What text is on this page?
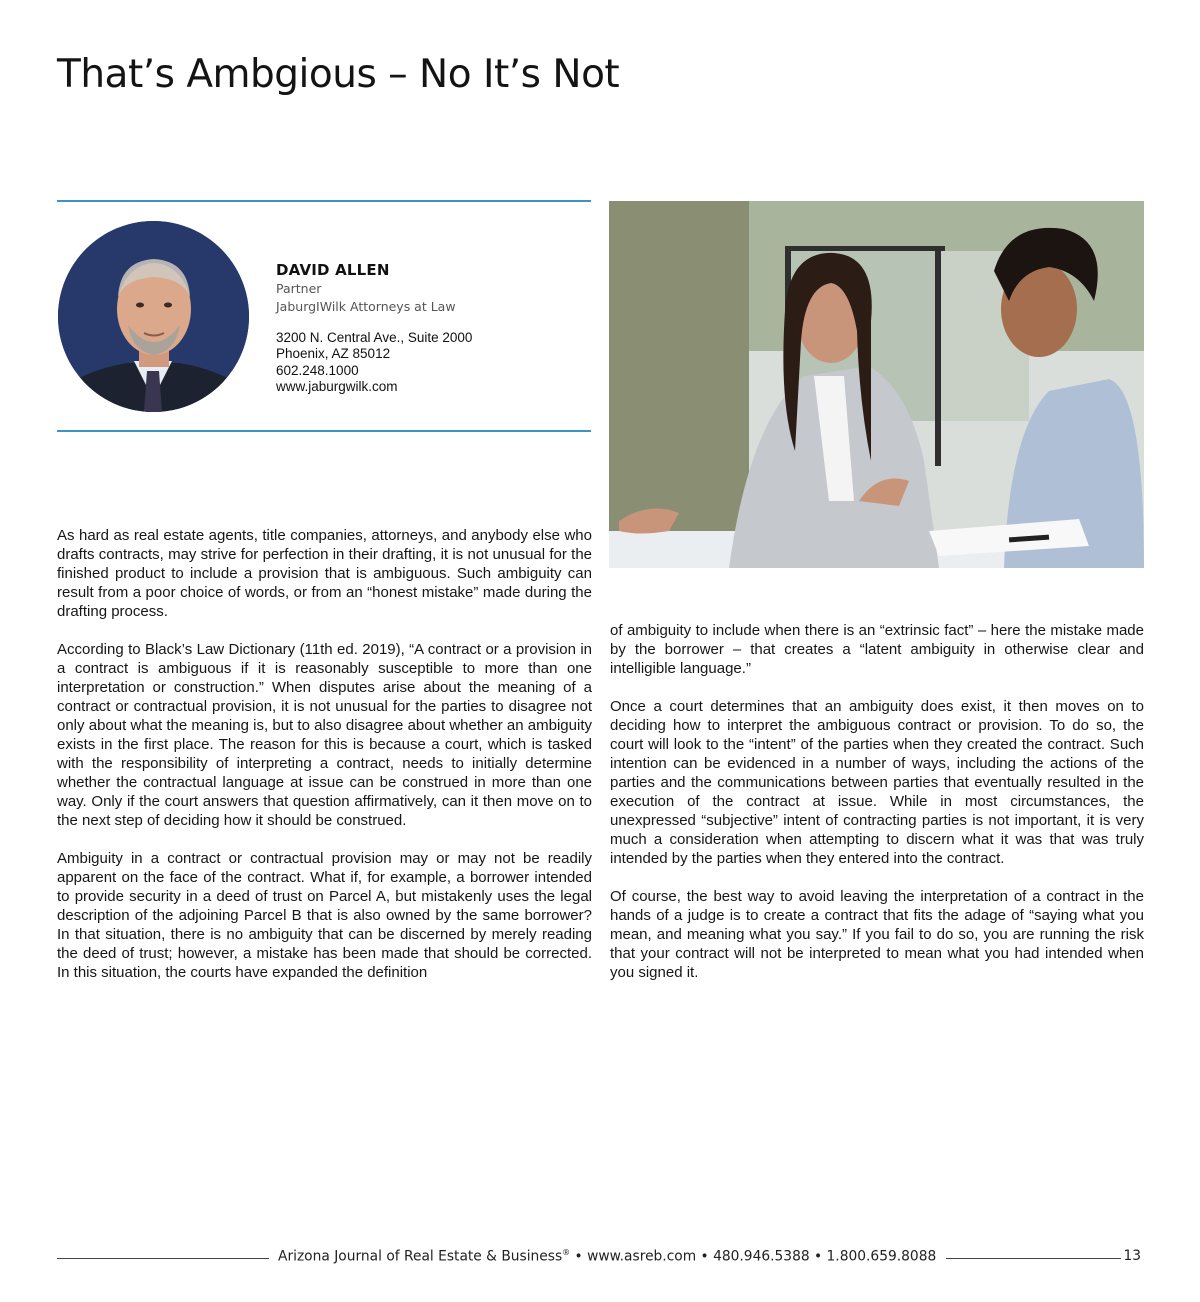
That’s Ambgious – No It’s Not
DAVID ALLEN
Partner
JaburgIWilk Attorneys at Law
3200 N. Central Ave., Suite 2000
Phoenix, AZ 85012
602.248.1000
www.jaburgwilk.com

As hard as real estate agents, title companies, attorneys, and anybody else who drafts contracts, may strive for perfection in their drafting, it is not unusual for the finished product to include a provision that is ambiguous. Such ambiguity can result from a poor choice of words, or from an “honest mistake” made during the drafting process.

According to Black’s Law Dictionary (11th ed. 2019), “A contract or a provision in a contract is ambiguous if it is reasonably susceptible to more than one interpretation or construction.” When disputes arise about the meaning of a contract or contractual provision, it is not unusual for the parties to disagree not only about what the meaning is, but to also disagree about whether an ambiguity exists in the first place. The reason for this is because a court, which is tasked with the responsibility of interpreting a contract, needs to initially determine whether the contractual language at issue can be construed in more than one way. Only if the court answers that question affirmatively, can it then move on to the next step of deciding how it should be construed.

Ambiguity in a contract or contractual provision may or may not be readily apparent on the face of the contract. What if, for example, a borrower intended to provide security in a deed of trust on Parcel A, but mistakenly uses the legal description of the adjoining Parcel B that is also owned by the same borrower? In that situation, there is no ambiguity that can be discerned by merely reading the deed of trust; however, a mistake has been made that should be corrected. In this situation, the courts have expanded the definition

of ambiguity to include when there is an “extrinsic fact” – here the mistake made by the borrower – that creates a “latent ambiguity in otherwise clear and intelligible language.”

Once a court determines that an ambiguity does exist, it then moves on to deciding how to interpret the ambiguous contract or provision. To do so, the court will look to the “intent” of the parties when they created the contract. Such intention can be evidenced in a number of ways, including the actions of the parties and the communications between parties that eventually resulted in the execution of the contract at issue. While in most circumstances, the unexpressed “subjective” intent of contracting parties is not important, it is very much a consideration when attempting to discern what it was that was truly intended by the parties when they entered into the contract.

Of course, the best way to avoid leaving the interpretation of a contract in the hands of a judge is to create a contract that fits the adage of “saying what you mean, and meaning what you say.” If you fail to do so, you are running the risk that your contract will not be interpreted to mean what you had intended when you signed it.

Arizona Journal of Real Estate & Business® • www.asreb.com • 480.946.5388 • 1.800.659.8088	13
